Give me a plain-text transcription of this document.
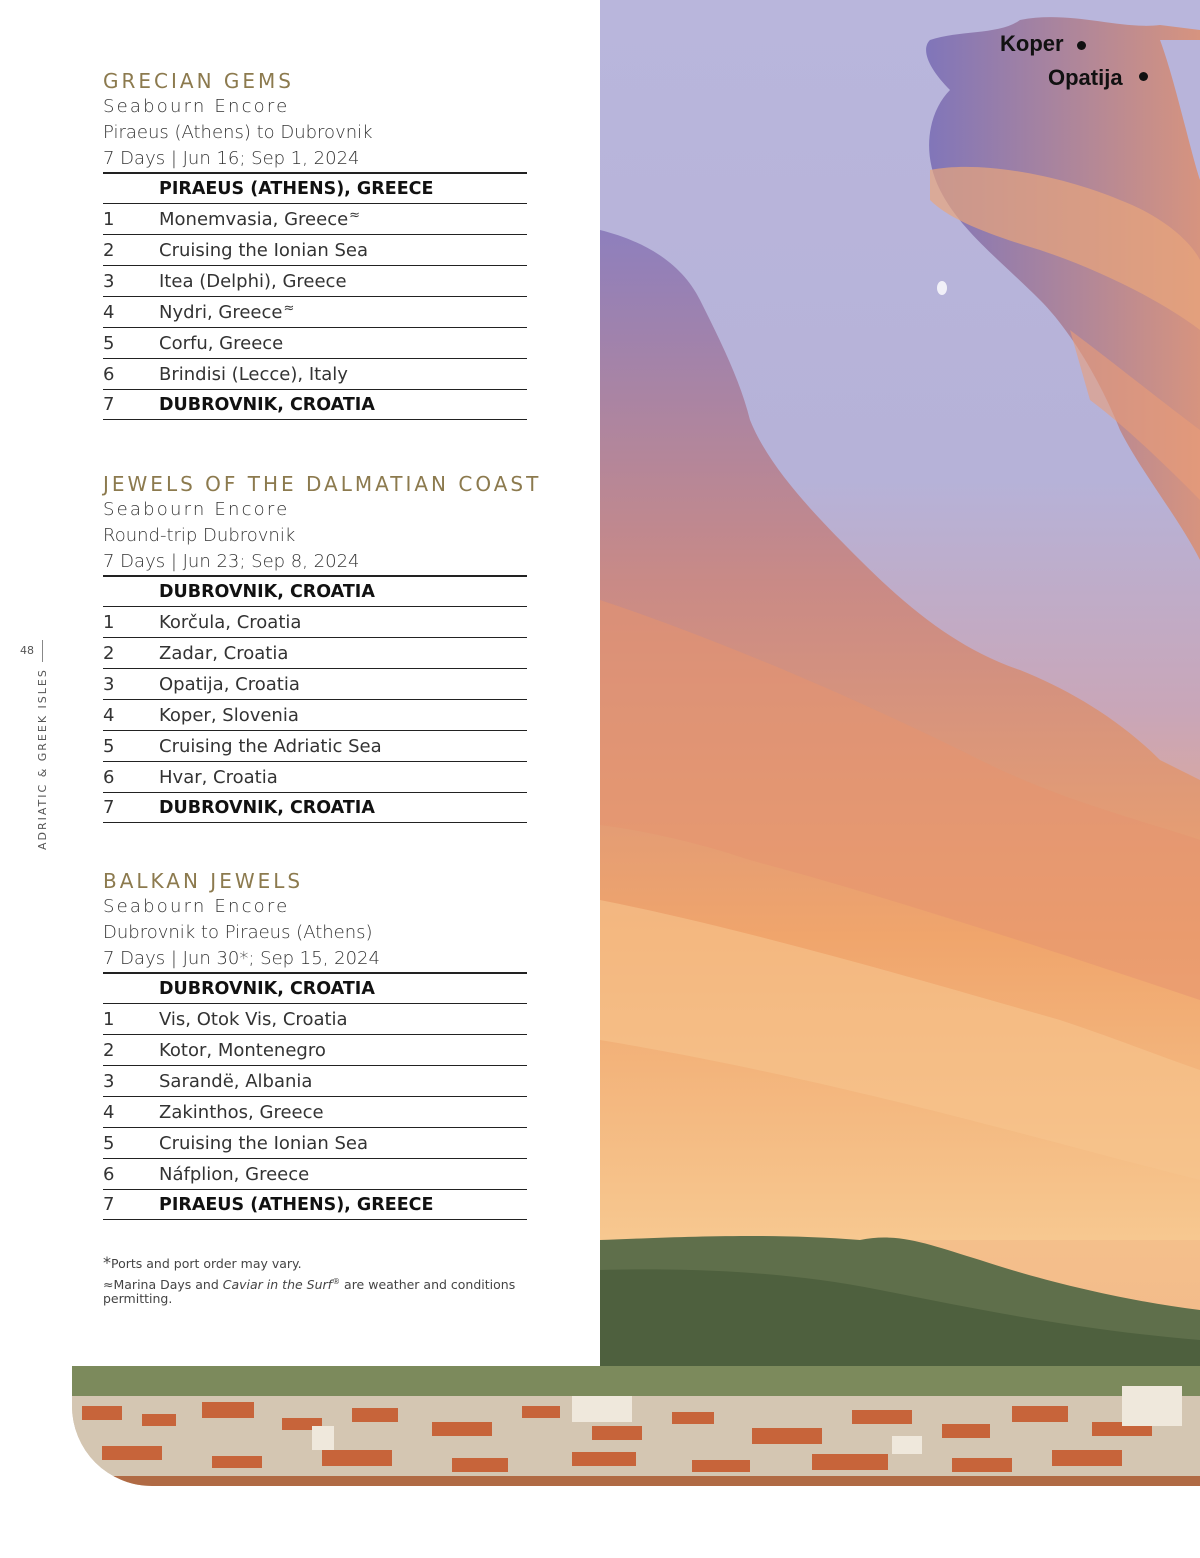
48
ADRIATIC & GREEK ISLES
Koper
Opatija
GRECIAN GEMS
Seabourn Encore
Piraeus (Athens) to Dubrovnik
7 Days | Jun 16; Sep 1, 2024
PIRAEUS (ATHENS), GREECE
1	Monemvasia, Greece≈
2	Cruising the Ionian Sea
3	Itea (Delphi), Greece
4	Nydri, Greece≈
5	Corfu, Greece
6	Brindisi (Lecce), Italy
7	DUBROVNIK, CROATIA
JEWELS OF THE DALMATIAN COAST
Seabourn Encore
Round-trip Dubrovnik
7 Days | Jun 23; Sep 8, 2024
DUBROVNIK, CROATIA
1	Korčula, Croatia
2	Zadar, Croatia
3	Opatija, Croatia
4	Koper, Slovenia
5	Cruising the Adriatic Sea
6	Hvar, Croatia
7	DUBROVNIK, CROATIA
BALKAN JEWELS
Seabourn Encore
Dubrovnik to Piraeus (Athens)
7 Days | Jun 30*; Sep 15, 2024
DUBROVNIK, CROATIA
1	Vis, Otok Vis, Croatia
2	Kotor, Montenegro
3	Sarandë, Albania
4	Zakinthos, Greece
5	Cruising the Ionian Sea
6	Náfplion, Greece
7	PIRAEUS (ATHENS), GREECE
*Ports and port order may vary.
≈Marina Days and Caviar in the Surf® are weather and conditions permitting.
